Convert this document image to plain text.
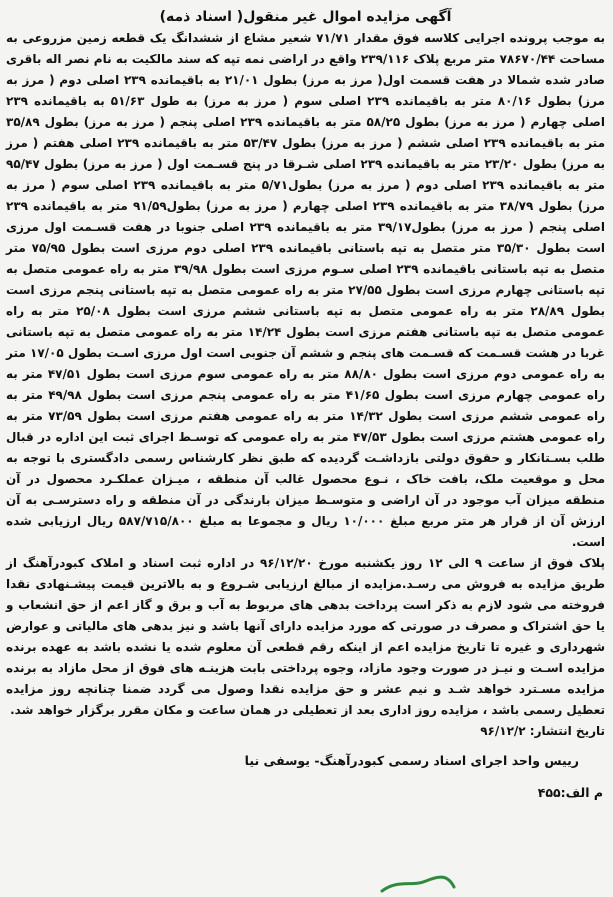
آگهی مزایده اموال غیر منقول( اسناد ذمه)

به موجب پرونده اجرایی کلاسه فوق مقدار ۷۱/۷۱ شعیر مشاع از ششدانگ یک قطعه زمین مزروعی به مساحت ۷۸۶۷۰/۴۴ متر مربع پلاک ۲۳۹/۱۱۶ واقع در اراضی نمه تپه که سند مالکیت به نام نصر اله باقری صادر شده شمالا در هفت قسمت اول( مرز به مرز) بطول ۲۱/۰۱ به باقیمانده ۲۳۹ اصلی دوم ( مرز به مرز) بطول ۸۰/۱۶ متر به باقیمانده ۲۳۹ اصلی سوم ( مرز به مرز) به طول ۵۱/۶۳ به باقیمانده ۲۳۹ اصلی چهارم ( مرز به مرز) بطول ۵۸/۲۵ متر به باقیمانده ۲۳۹ اصلی پنجم ( مرز به مرز) بطول ۳۵/۸۹ متر به باقیمانده ۲۳۹ اصلی ششم ( مرز به مرز) بطول ۵۳/۴۷ متر به باقیمانده ۲۳۹ اصلی هفتم ( مرز به مرز) بطول ۲۳/۲۰ متر به باقیمانده ۲۳۹ اصلی شـرقا در پنج قسـمت اول ( مرز به مرز) بطول ۹۵/۴۷ متر به باقیمانده ۲۳۹ اصلی دوم ( مرز به مرز) بطول۵/۷۱ متر به باقیمانده ۲۳۹ اصلی سوم ( مرز به مرز) بطول ۳۸/۷۹ متر به باقیمانده ۲۳۹ اصلی چهارم ( مرز به مرز) بطول۹۱/۵۹ متر به باقیمانده ۲۳۹ اصلی پنجم ( مرز به مرز) بطول۳۹/۱۷ متر به باقیمانده ۲۳۹ اصلی جنوبا در هفت قسـمت اول مرزی است بطول ۳۵/۳۰ متر متصل به تپه باستانی باقیمانده ۲۳۹ اصلی دوم مرزی است بطول ۷۵/۹۵ متر متصل به تپه باستانی باقیمانده ۲۳۹ اصلی سـوم مرزی است بطول ۳۹/۹۸ متر به راه عمومی متصل به تپه باستانی چهارم مرزی است بطول ۲۷/۵۵ متر به راه عمومی متصل به تپه باستانی پنجم مرزی است بطول ۲۸/۸۹ متر به راه عمومی متصل به تپه باستانی ششم مرزی است بطول ۲۵/۰۸ متر به راه عمومی متصل به تپه باستانی هفتم مرزی است بطول ۱۴/۲۴ متر به راه عمومی متصل به تپه باستانی غربا در هشت قسـمت که قسـمت های پنجم و ششم آن جنوبی است اول مرزی اسـت بطول ۱۷/۰۵ متر به راه عمومی دوم مرزی است بطول ۸۸/۸۰ متر به راه عمومی سوم مرزی است بطول ۴۷/۵۱ متر به راه عمومی چهارم مرزی است بطول ۴۱/۶۵ متر به راه عمومی پنجم مرزی است بطول ۴۹/۹۸ متر به راه عمومی ششم مرزی است بطول ۱۴/۳۲ متر به راه عمومی هفتم مرزی است بطول ۷۳/۵۹ متر به راه عمومی هشتم مرزی است بطول ۴۷/۵۳ متر به راه عمومی که توسـط اجرای ثبت این اداره در قبال طلب بسـتانکار و حقوق دولتی بازداشـت گردیده که طبق نظر کارشناس رسمی دادگستری با توجه به محل و موقعیت ملک، بافت خاک ، نـوع محصول غالب آن منطقه ، میـزان عملکـرد محصول در آن منطقه میزان آب موجود در آن اراضی و متوسـط میزان بارندگی در آن منطقه و راه دسترسـی به آن ارزش آن از قرار هر متر مربع مبلغ ۱۰/۰۰۰ ریال و مجموعا به مبلغ ۵۸۷/۷۱۵/۸۰۰ ریال ارزیابی شده است.

پلاک فوق از ساعت ۹ الی ۱۲ روز یکشنبه مورخ ۹۶/۱۲/۲۰ در اداره ثبت اسناد و املاک کبودرآهنگ از طریق مزایده به فروش می رسـد.مزایده از مبالغ ارزیابی شـروع و به بالاترین قیمت پیشـنهادی نقدا فروخته می شود لازم به ذکر است پرداخت بدهی های مربوط به آب و برق و گاز اعم از حق انشعاب و یا حق اشتراک و مصرف در صورتی که مورد مزایده دارای آنها باشد و نیز بدهی های مالیاتی و عوارض شهرداری و غیره تا تاریخ مزایده اعم از اینکه رقم قطعی آن معلوم شده یا نشده باشد به عهده برنده مزایده اسـت و نیـز در صورت وجود مازاد، وجوه پرداختی بابت هزینـه های فوق از محل مازاد به برنده مزایده مسـترد خواهد شـد و نیم عشر و حق مزایده نقدا وصول می گردد ضمنا چنانچه روز مزایده تعطیل رسمی باشد ، مزایده روز اداری بعد از تعطیلی در همان ساعت و مکان مقرر برگزار خواهد شد.

تاریخ انتشار: ۹۶/۱۲/۲
رییس واحد اجرای اسناد رسمی کبودرآهنگ- یوسفی نیا
م الف:۴۵۵
